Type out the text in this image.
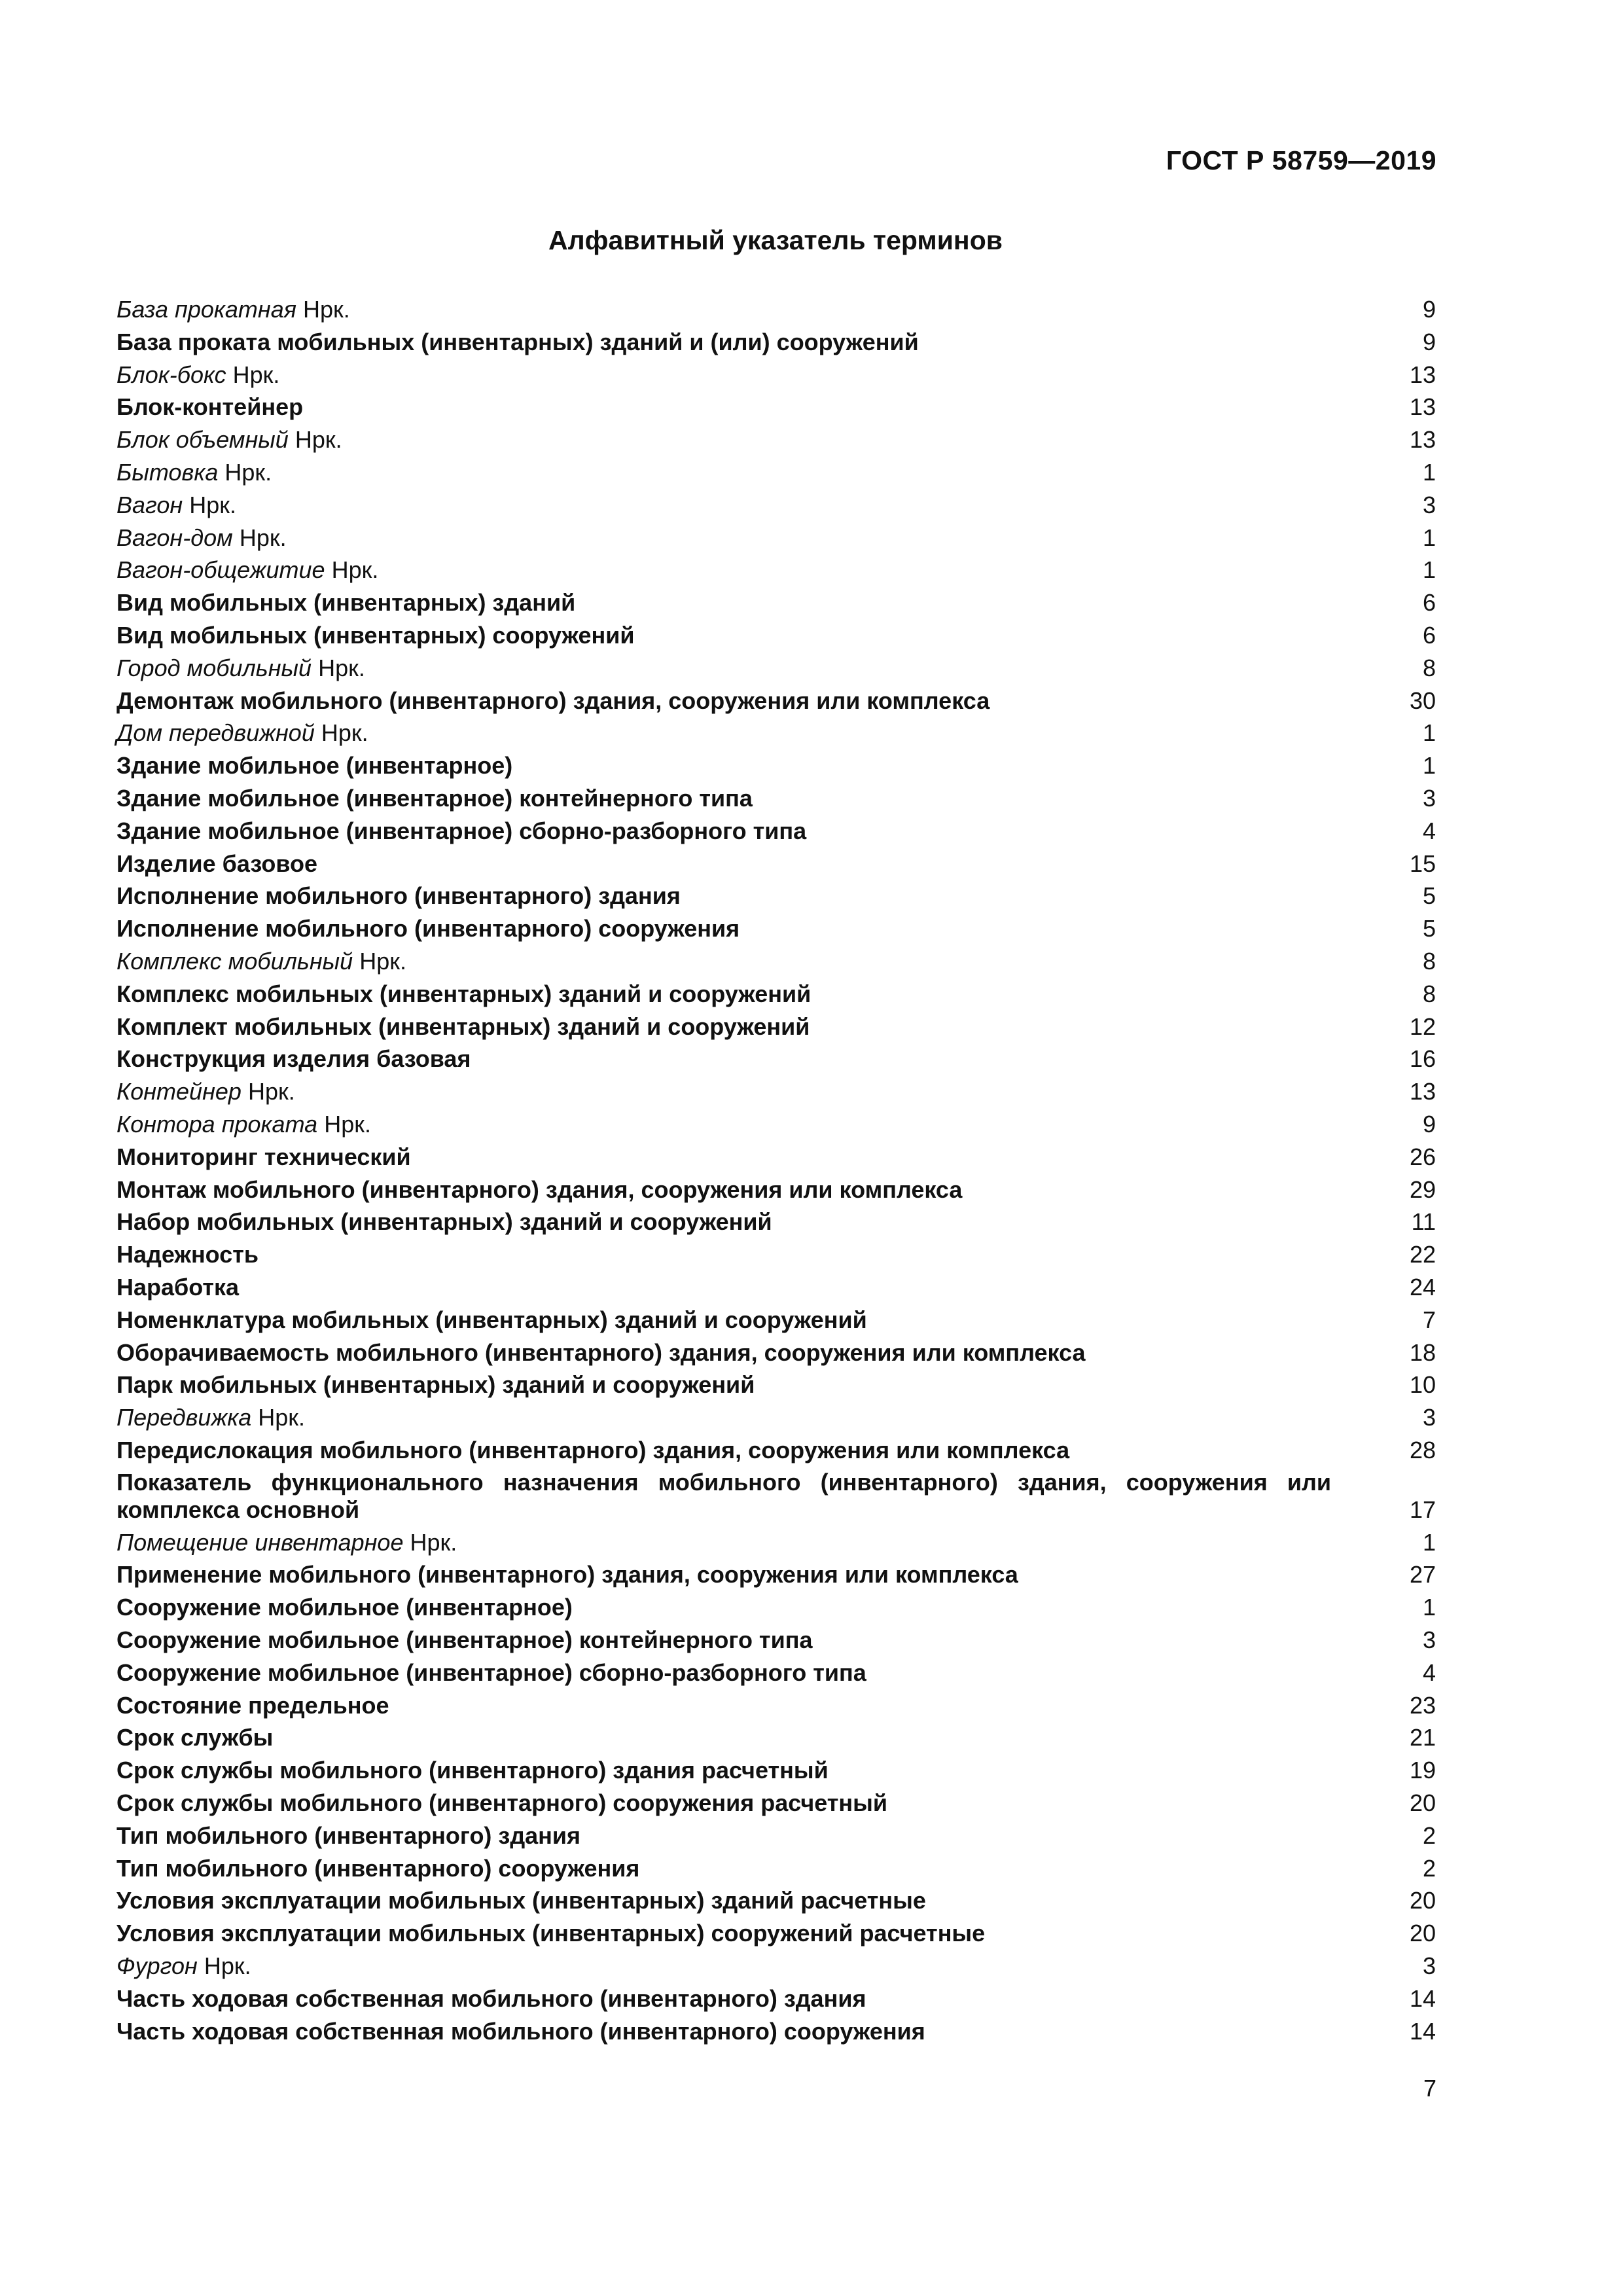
ГОСТ Р 58759—2019
Алфавитный указатель терминов
База прокатная Нрк.	9
База проката мобильных (инвентарных) зданий и (или) сооружений	9
Блок-бокс Нрк.	13
Блок-контейнер	13
Блок объемный Нрк.	13
Бытовка Нрк.	1
Вагон Нрк.	3
Вагон-дом Нрк.	1
Вагон-общежитие Нрк.	1
Вид мобильных (инвентарных) зданий	6
Вид мобильных (инвентарных) сооружений	6
Город мобильный Нрк.	8
Демонтаж мобильного (инвентарного) здания, сооружения или комплекса	30
Дом передвижной Нрк.	1
Здание мобильное (инвентарное)	1
Здание мобильное (инвентарное) контейнерного типа	3
Здание мобильное (инвентарное) сборно-разборного типа	4
Изделие базовое	15
Исполнение мобильного (инвентарного) здания	5
Исполнение мобильного (инвентарного) сооружения	5
Комплекс мобильный Нрк.	8
Комплекс мобильных (инвентарных) зданий и сооружений	8
Комплект мобильных (инвентарных) зданий и сооружений	12
Конструкция изделия базовая	16
Контейнер Нрк.	13
Контора проката Нрк.	9
Мониторинг технический	26
Монтаж мобильного (инвентарного) здания, сооружения или комплекса	29
Набор мобильных (инвентарных) зданий и сооружений	11
Надежность	22
Наработка	24
Номенклатура мобильных (инвентарных) зданий и сооружений	7
Оборачиваемость мобильного (инвентарного) здания, сооружения или комплекса	18
Парк мобильных (инвентарных) зданий и сооружений	10
Передвижка Нрк.	3
Передислокация мобильного (инвентарного) здания, сооружения или комплекса	28
Показатель функционального назначения мобильного (инвентарного) здания, сооружения или комплекса основной	17
Помещение инвентарное Нрк.	1
Применение мобильного (инвентарного) здания, сооружения или комплекса	27
Сооружение мобильное (инвентарное)	1
Сооружение мобильное (инвентарное) контейнерного типа	3
Сооружение мобильное (инвентарное) сборно-разборного типа	4
Состояние предельное	23
Срок службы	21
Срок службы мобильного (инвентарного) здания расчетный	19
Срок службы мобильного (инвентарного) сооружения расчетный	20
Тип мобильного (инвентарного) здания	2
Тип мобильного (инвентарного) сооружения	2
Условия эксплуатации мобильных (инвентарных) зданий расчетные	20
Условия эксплуатации мобильных (инвентарных) сооружений расчетные	20
Фургон Нрк.	3
Часть ходовая собственная мобильного (инвентарного) здания	14
Часть ходовая собственная мобильного (инвентарного) сооружения	14
7
